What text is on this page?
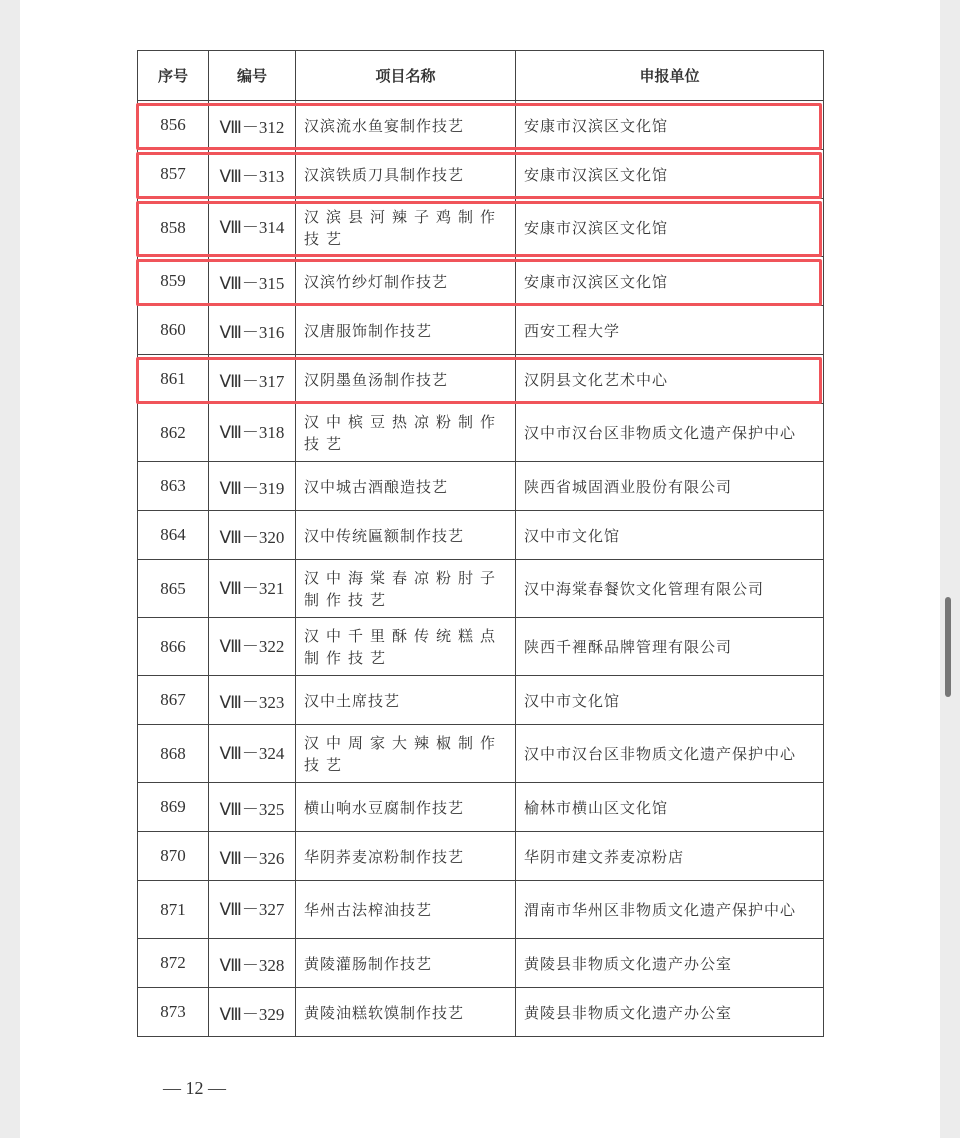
序号	编号	项目名称	申报单位
856	Ⅷ－312	汉滨流水鱼宴制作技艺	安康市汉滨区文化馆
857	Ⅷ－313	汉滨铁质刀具制作技艺	安康市汉滨区文化馆
858	Ⅷ－314	汉滨县河辣子鸡制作技艺	安康市汉滨区文化馆
859	Ⅷ－315	汉滨竹纱灯制作技艺	安康市汉滨区文化馆
860	Ⅷ－316	汉唐服饰制作技艺	西安工程大学
861	Ⅷ－317	汉阴墨鱼汤制作技艺	汉阴县文化艺术中心
862	Ⅷ－318	汉中槟豆热凉粉制作技艺	汉中市汉台区非物质文化遗产保护中心
863	Ⅷ－319	汉中城古酒酿造技艺	陕西省城固酒业股份有限公司
864	Ⅷ－320	汉中传统匾额制作技艺	汉中市文化馆
865	Ⅷ－321	汉中海棠春凉粉肘子制作技艺	汉中海棠春餐饮文化管理有限公司
866	Ⅷ－322	汉中千里酥传统糕点制作技艺	陕西千裡酥品牌管理有限公司
867	Ⅷ－323	汉中土席技艺	汉中市文化馆
868	Ⅷ－324	汉中周家大辣椒制作技艺	汉中市汉台区非物质文化遗产保护中心
869	Ⅷ－325	横山响水豆腐制作技艺	榆林市横山区文化馆
870	Ⅷ－326	华阴荞麦凉粉制作技艺	华阴市建文荞麦凉粉店
871	Ⅷ－327	华州古法榨油技艺	渭南市华州区非物质文化遗产保护中心
872	Ⅷ－328	黄陵灌肠制作技艺	黄陵县非物质文化遗产办公室
873	Ⅷ－329	黄陵油糕软馍制作技艺	黄陵县非物质文化遗产办公室
— 12 —
